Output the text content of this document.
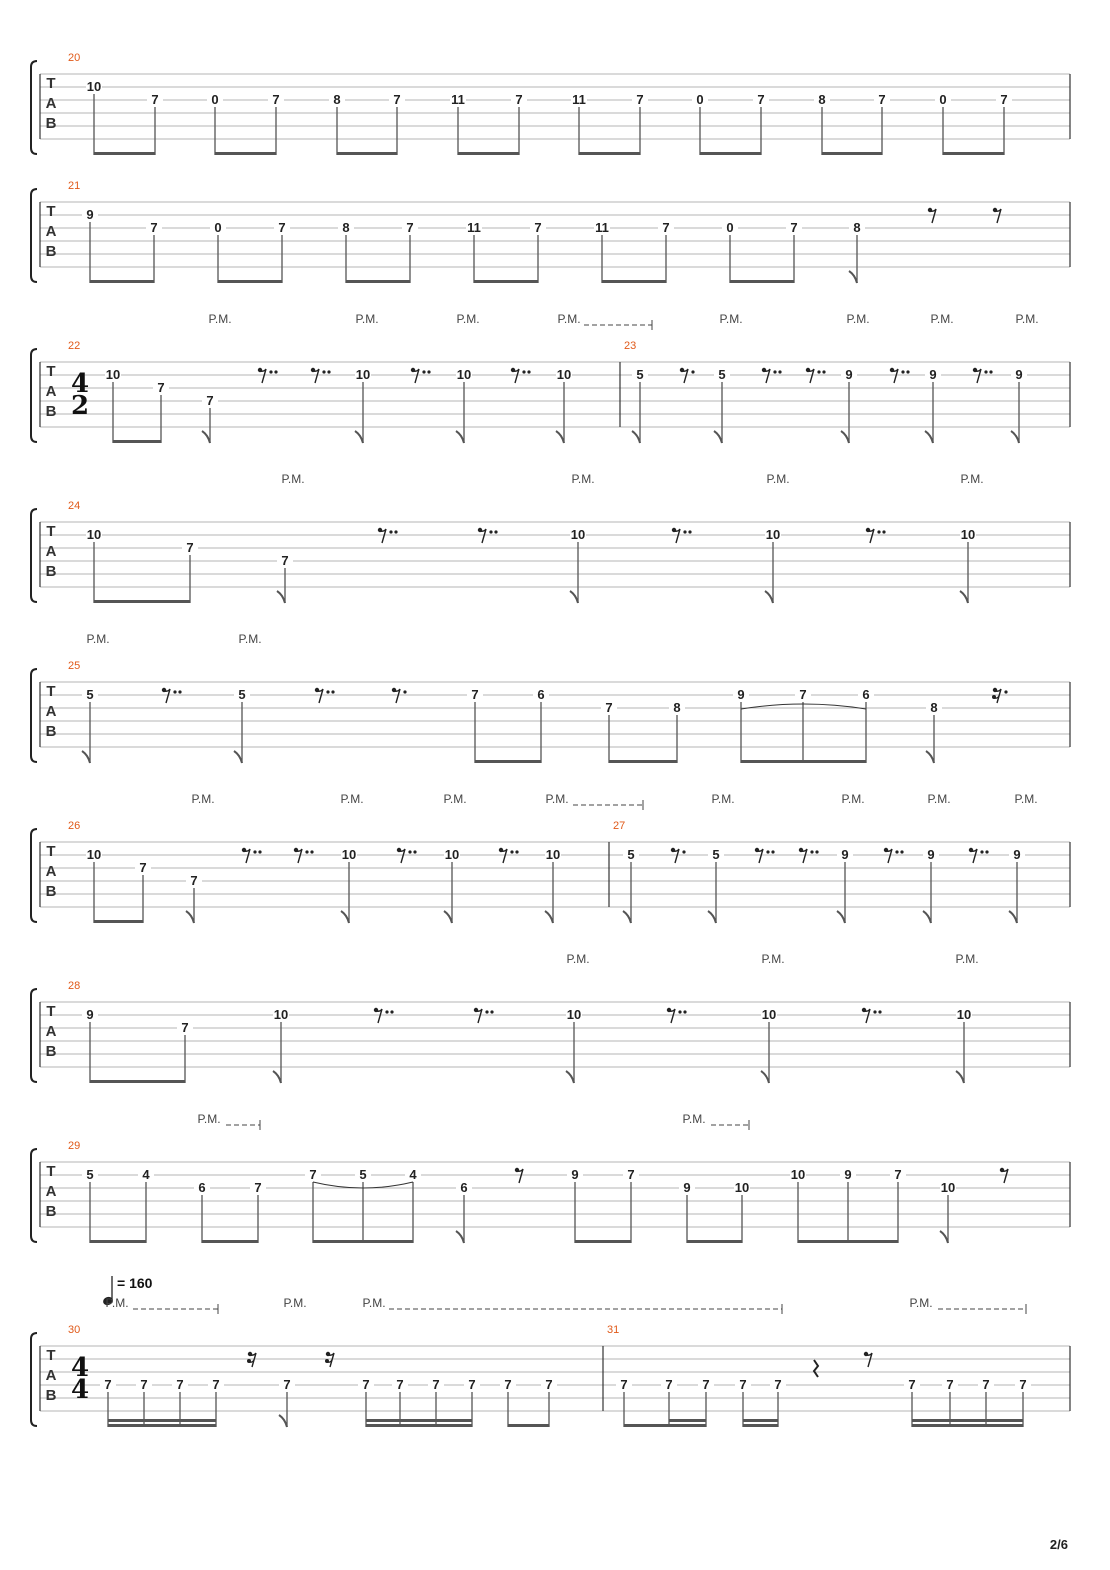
T
A
B
20
10
7	0	7	8	7	11	7	11	7	0	7	8	7	0	7
T
A
B
21
9
7	0	7	8	7	11	7	11	7	0	7	8
T
A
B
4
2
P.M.	P.M.	P.M.	P.M.	P.M.	P.M.	P.M.	P.M.
22
10
7
7
10	10	10
23
5	5	9	9	9
T
A
B
P.M.	P.M.	P.M.	P.M.
24
10
7
7
10	10	10
T
A
B
P.M.	P.M.
25
5	5	7	6
7	8
9	7	6
8
T
A
B
P.M.	P.M.	P.M.	P.M.	P.M.	P.M.	P.M.	P.M.
26
10
7
7
10	10	10
27
5	5	9	9	9
T
A
B
P.M.	P.M.	P.M.
28
9
7
10	10	10	10
T
A
B
P.M.	P.M.
29
5	4
6	7
7	5	4
6
9	7
9	10
10	9	7
10
T
A
B
4
4
= 160
P.M.	P.M.	P.M.	P.M.
30
7 7 7 7	7	7 7 7 7 7	7
31
7	7 7 7 7	7 7 7 7
2/6
